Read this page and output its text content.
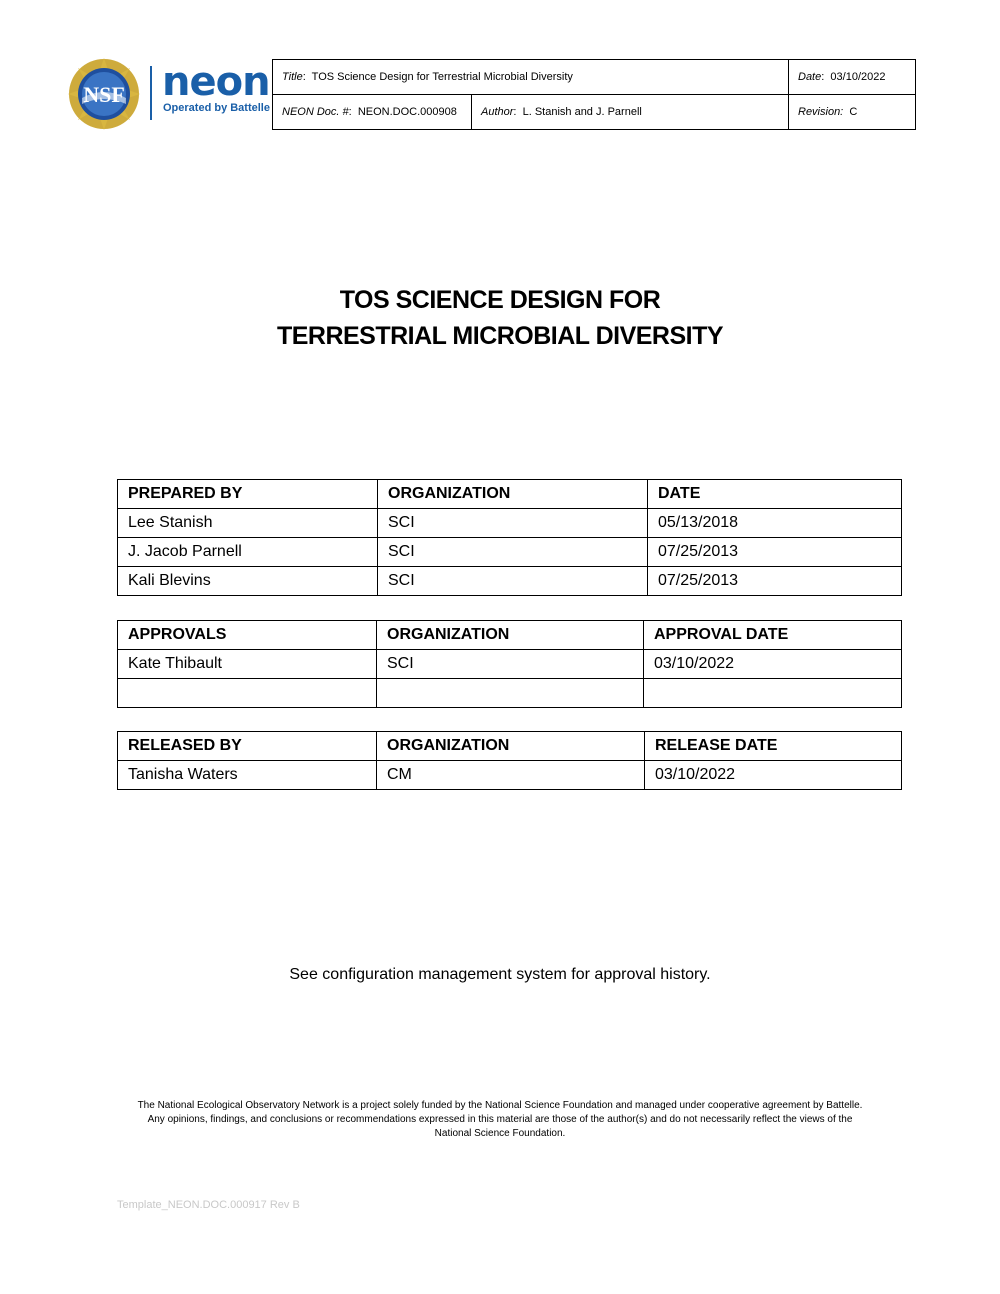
NSF neon
Operated by Battelle
Title:  TOS Science Design for Terrestrial Microbial Diversity		Date:  03/10/2022
NEON Doc. #:  NEON.DOC.000908	Author:  L. Stanish and J. Parnell	Revision: C
TOS SCIENCE DESIGN FOR
TERRESTRIAL MICROBIAL DIVERSITY
PREPARED BY	ORGANIZATION	DATE
Lee Stanish	SCI	05/13/2018
J. Jacob Parnell	SCI	07/25/2013
Kali Blevins	SCI	07/25/2013
APPROVALS	ORGANIZATION	APPROVAL DATE
Kate Thibault	SCI	03/10/2022

RELEASED BY	ORGANIZATION	RELEASE DATE
Tanisha Waters	CM	03/10/2022
See configuration management system for approval history.
The National Ecological Observatory Network is a project solely funded by the National Science Foundation and managed under cooperative agreement by Battelle.
Any opinions, findings, and conclusions or recommendations expressed in this material are those of the author(s) and do not necessarily reflect the views of the
National Science Foundation.
Template_NEON.DOC.000917 Rev B
